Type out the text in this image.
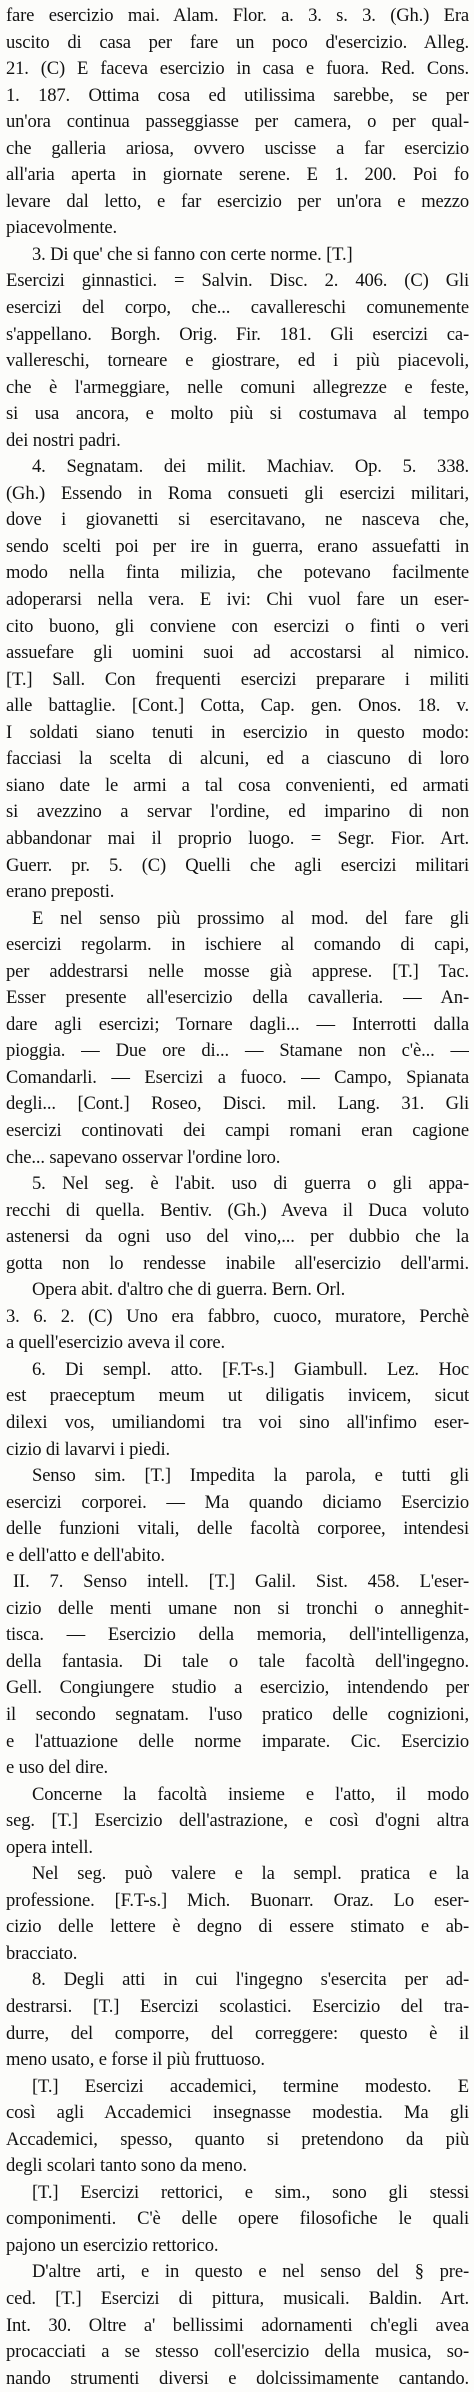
fare esercizio mai. Alam. Flor. a. 3. s. 3. (Gh.) Era
uscito di casa per fare un poco d'esercizio. Alleg.
21. (C) E faceva esercizio in casa e fuora. Red. Cons.
1. 187. Ottima cosa ed utilissima sarebbe, se per
un'ora continua passeggiasse per camera, o per qual-
che galleria ariosa, ovvero uscisse a far esercizio
all'aria aperta in giornate serene. E 1. 200. Poi fo
levare dal letto, e far esercizio per un'ora e mezzo
piacevolmente.
3. Di que' che si fanno con certe norme. [T.]
Esercizi ginnastici. = Salvin. Disc. 2. 406. (C) Gli
esercizi del corpo, che... cavallereschi comunemente
s'appellano. Borgh. Orig. Fir. 181. Gli esercizi ca-
vallereschi, torneare e giostrare, ed i più piacevoli,
che è l'armeggiare, nelle comuni allegrezze e feste,
si usa ancora, e molto più si costumava al tempo
dei nostri padri.
4. Segnatam. dei milit. Machiav. Op. 5. 338.
(Gh.) Essendo in Roma consueti gli esercizi militari,
dove i giovanetti si esercitavano, ne nasceva che,
sendo scelti poi per ire in guerra, erano assuefatti in
modo nella finta milizia, che potevano facilmente
adoperarsi nella vera. E ivi: Chi vuol fare un eser-
cito buono, gli conviene con esercizi o finti o veri
assuefare gli uomini suoi ad accostarsi al nimico.
[T.] Sall. Con frequenti esercizi preparare i militi
alle battaglie. [Cont.] Cotta, Cap. gen. Onos. 18. v.
I soldati siano tenuti in esercizio in questo modo:
facciasi la scelta di alcuni, ed a ciascuno di loro
siano date le armi a tal cosa convenienti, ed armati
si avezzino a servar l'ordine, ed imparino di non
abbandonar mai il proprio luogo. = Segr. Fior. Art.
Guerr. pr. 5. (C) Quelli che agli esercizi militari
erano preposti.
E nel senso più prossimo al mod. del fare gli
esercizi regolarm. in ischiere al comando di capi,
per addestrarsi nelle mosse già apprese. [T.] Tac.
Esser presente all'esercizio della cavalleria. — An-
dare agli esercizi; Tornare dagli... — Interrotti dalla
pioggia. — Due ore di... — Stamane non c'è... —
Comandarli. — Esercizi a fuoco. — Campo, Spianata
degli... [Cont.] Roseo, Disci. mil. Lang. 31. Gli
esercizi continovati dei campi romani eran cagione
che... sapevano osservar l'ordine loro.
5. Nel seg. è l'abit. uso di guerra o gli appa-
recchi di quella. Bentiv. (Gh.) Aveva il Duca voluto
astenersi da ogni uso del vino,... per dubbio che la
gotta non lo rendesse inabile all'esercizio dell'armi.
Opera abit. d'altro che di guerra. Bern. Orl.
3. 6. 2. (C) Uno era fabbro, cuoco, muratore, Perchè
a quell'esercizio aveva il core.
6. Di sempl. atto. [F.T-s.] Giambull. Lez. Hoc
est praeceptum meum ut diligatis invicem, sicut
dilexi vos, umiliandomi tra voi sino all'infimo eser-
cizio di lavarvi i piedi.
Senso sim. [T.] Impedita la parola, e tutti gli
esercizi corporei. — Ma quando diciamo Esercizio
delle funzioni vitali, delle facoltà corporee, intendesi
e dell'atto e dell'abito.
II. 7. Senso intell. [T.] Galil. Sist. 458. L'eser-
cizio delle menti umane non si tronchi o anneghit-
tisca. — Esercizio della memoria, dell'intelligenza,
della fantasia. Di tale o tale facoltà dell'ingegno.
Gell. Congiungere studio a esercizio, intendendo per
il secondo segnatam. l'uso pratico delle cognizioni,
e l'attuazione delle norme imparate. Cic. Esercizio
e uso del dire.
Concerne la facoltà insieme e l'atto, il modo
seg. [T.] Esercizio dell'astrazione, e così d'ogni altra
opera intell.
Nel seg. può valere e la sempl. pratica e la
professione. [F.T-s.] Mich. Buonarr. Oraz. Lo eser-
cizio delle lettere è degno di essere stimato e ab-
bracciato.
8. Degli atti in cui l'ingegno s'esercita per ad-
destrarsi. [T.] Esercizi scolastici. Esercizio del tra-
durre, del comporre, del correggere: questo è il
meno usato, e forse il più fruttuoso.
[T.] Esercizi accademici, termine modesto. E
così agli Accademici insegnasse modestia. Ma gli
Accademici, spesso, quanto si pretendono da più
degli scolari tanto sono da meno.
[T.] Esercizi rettorici, e sim., sono gli stessi
componimenti. C'è delle opere filosofiche le quali
pajono un esercizio rettorico.
D'altre arti, e in questo e nel senso del § pre-
ced. [T.] Esercizi di pittura, musicali. Baldin. Art.
Int. 30. Oltre a' bellissimi adornamenti ch'egli avea
procacciati a se stesso coll'esercizio della musica, so-
nando strumenti diversi e dolcissimamente cantando.
